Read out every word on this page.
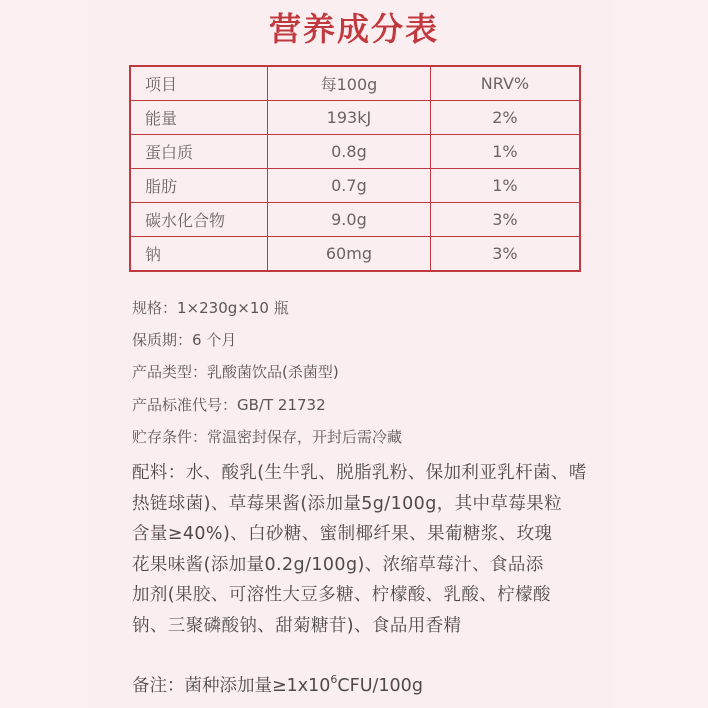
营养成分表
项目	每100g	NRV%
能量	193kJ	2%
蛋白质	0.8g	1%
脂肪	0.7g	1%
碳水化合物	9.0g	3%
钠	60mg	3%
规格：1×230g×10 瓶
保质期：6 个月
产品类型：乳酸菌饮品(杀菌型)
产品标准代号：GB/T 21732
贮存条件：常温密封保存，开封后需冷藏
配料：水、酸乳(生牛乳、脱脂乳粉、保加利亚乳杆菌、嗜
热链球菌)、草莓果酱(添加量5g/100g，其中草莓果粒
含量≥40%)、白砂糖、蜜制椰纤果、果葡糖浆、玫瑰
花果味酱(添加量0.2g/100g)、浓缩草莓汁、食品添
加剂(果胶、可溶性大豆多糖、柠檬酸、乳酸、柠檬酸
钠、三聚磷酸钠、甜菊糖苷)、食品用香精
备注：菌种添加量$\ge 1x10^6CFU/100g$
